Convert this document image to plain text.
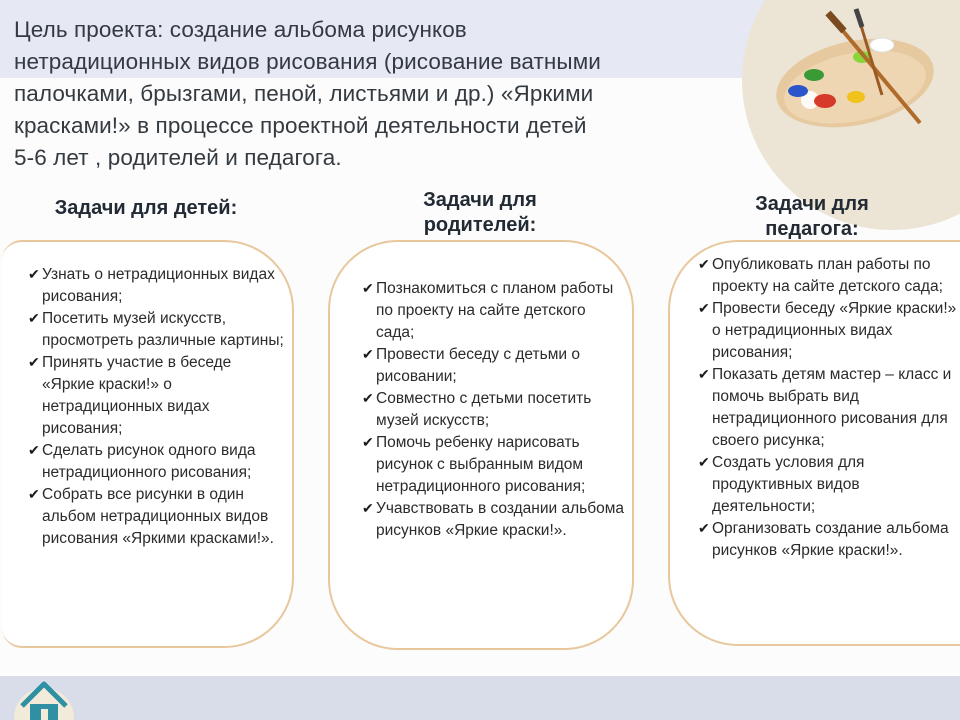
Цель проекта: создание альбома рисунков
нетрадиционных видов рисования (рисование ватными
палочками, брызгами, пеной, листьями и др.) «Яркими
красками!» в процессе проектной деятельности детей
5-6 лет , родителей и педагога.

Задачи для детей:
✔ Узнать о нетрадиционных видах рисования;
✔ Посетить музей искусств, просмотреть различные картины;
✔ Принять участие в беседе «Яркие краски!» о нетрадиционных видах рисования;
✔ Сделать рисунок одного вида нетрадиционного рисования;
✔ Собрать все рисунки в один альбом нетрадиционных видов рисования «Яркими красками!».
Задачи для
родителей:
✔ Познакомиться с планом работы по проекту на сайте детского сада;
✔ Провести беседу с детьми о рисовании;
✔ Совместно с детьми посетить музей искусств;
✔ Помочь ребенку нарисовать рисунок с выбранным видом нетрадиционного рисования;
✔ Учавствовать в создании альбома рисунков «Яркие краски!».
Задачи для
педагога:
✔ Опубликовать план работы по проекту на сайте детского сада;
✔ Провести беседу «Яркие краски!» о нетрадиционных видах рисования;
✔ Показать детям мастер – класс и помочь выбрать вид нетрадиционного рисования для своего рисунка;
✔ Создать условия для продуктивных видов деятельности;
✔ Организовать создание альбома рисунков «Яркие краски!».
